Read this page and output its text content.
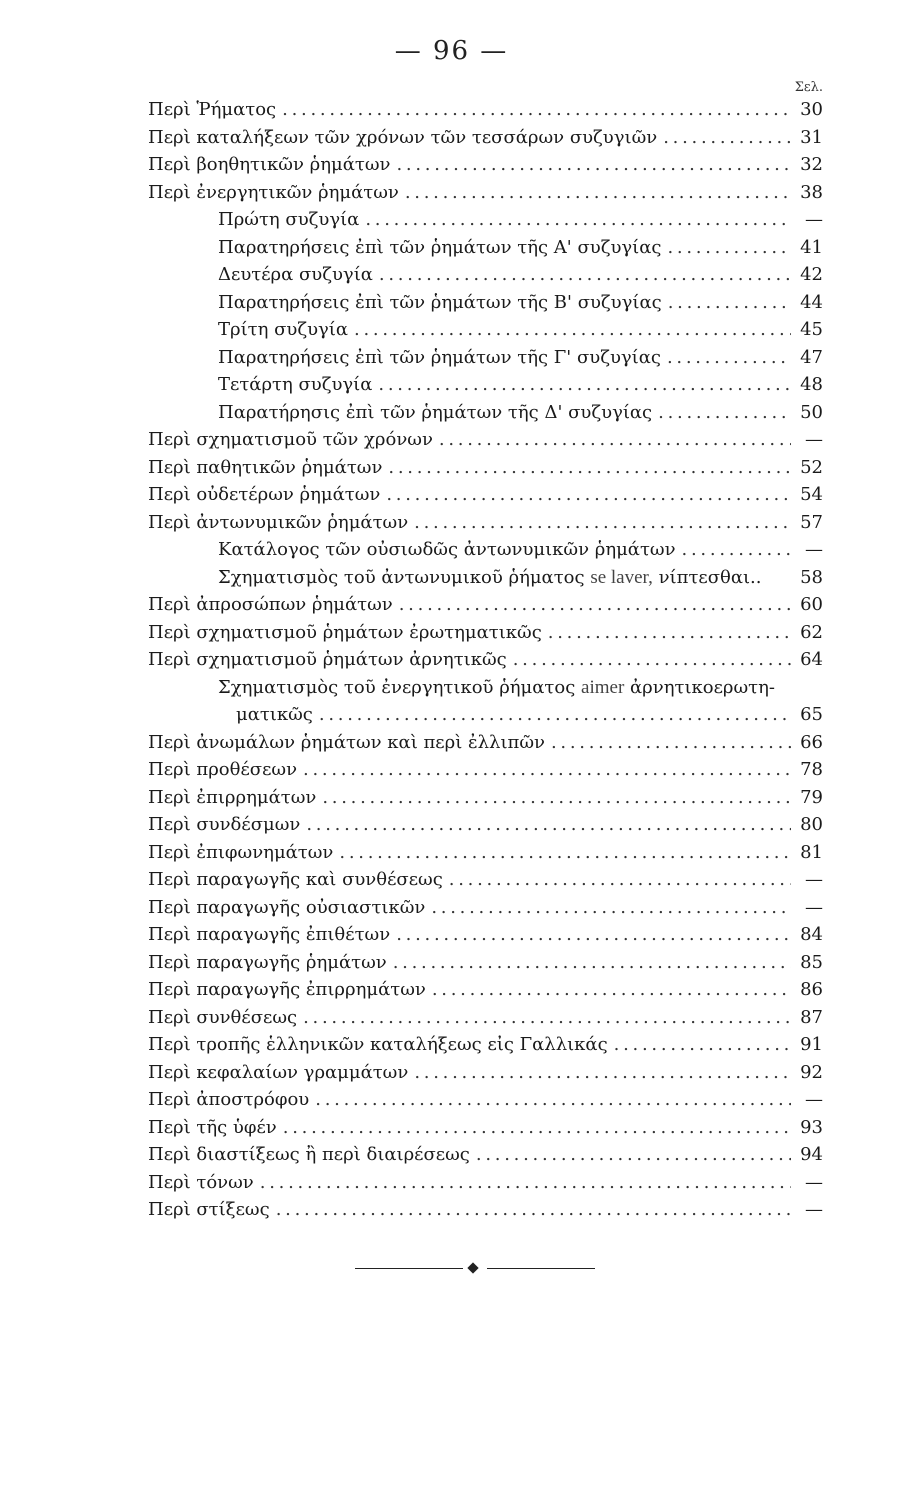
— 96 —
Σελ.
Περὶ Ῥήματος . . .	30
Περὶ καταλήξεων τῶν χρόνων τῶν τεσσάρων συζυγιῶν . . .	31
Περὶ βοηθητικῶν ῥημάτων . . .	32
Περὶ ἐνεργητικῶν ῥημάτων . . .	38
Πρώτη συζυγία . . .	—
Παρατηρήσεις ἐπὶ τῶν ῥημάτων τῆς Α' συζυγίας . . .	41
Δευτέρα συζυγία . . .	42
Παρατηρήσεις ἐπὶ τῶν ῥημάτων τῆς Β' συζυγίας . . .	44
Τρίτη συζυγία . . .	45
Παρατηρήσεις ἐπὶ τῶν ῥημάτων τῆς Γ' συζυγίας . . .	47
Τετάρτη συζυγία . . .	48
Παρατήρησις ἐπὶ τῶν ῥημάτων τῆς Δ' συζυγίας . . .	50
Περὶ σχηματισμοῦ τῶν χρόνων . . .	—
Περὶ παθητικῶν ῥημάτων . . .	52
Περὶ οὐδετέρων ῥημάτων . . .	54
Περὶ ἀντωνυμικῶν ῥημάτων . . .	57
Κατάλογος τῶν οὐσιωδῶς ἀντωνυμικῶν ῥημάτων . . .	—
Σχηματισμὸς τοῦ ἀντωνυμικοῦ ῥήματος se laver, νίπτεσθαι.. 58
Περὶ ἀπροσώπων ῥημάτων . . .	60
Περὶ σχηματισμοῦ ῥημάτων ἐρωτηματικῶς . . .	62
Περὶ σχηματισμοῦ ῥημάτων ἀρνητικῶς . . .	64
Σχηματισμὸς τοῦ ἐνεργητικοῦ ῥήματος aimer ἀρνητικοερωτη-
ματικῶς . . .	65
Περὶ ἀνωμάλων ῥημάτων καὶ περὶ ἐλλιπῶν . . .	66
Περὶ προθέσεων . . .	78
Περὶ ἐπιρρημάτων . . .	79
Περὶ συνδέσμων . . .	80
Περὶ ἐπιφωνημάτων . . .	81
Περὶ παραγωγῆς καὶ συνθέσεως . . .	—
Περὶ παραγωγῆς οὐσιαστικῶν . . .	—
Περὶ παραγωγῆς ἐπιθέτων . . .	84
Περὶ παραγωγῆς ῥημάτων . . .	85
Περὶ παραγωγῆς ἐπιρρημάτων . . .	86
Περὶ συνθέσεως . . .	87
Περὶ τροπῆς ἑλληνικῶν καταλήξεως εἰς Γαλλικάς . . .	91
Περὶ κεφαλαίων γραμμάτων . . .	92
Περὶ ἀποστρόφου . . .	—
Περὶ τῆς ὑφέν . . .	93
Περὶ διαστίξεως ἢ περὶ διαιρέσεως . . .	94
Περὶ τόνων . . .	—
Περὶ στίξεως . . .	—
